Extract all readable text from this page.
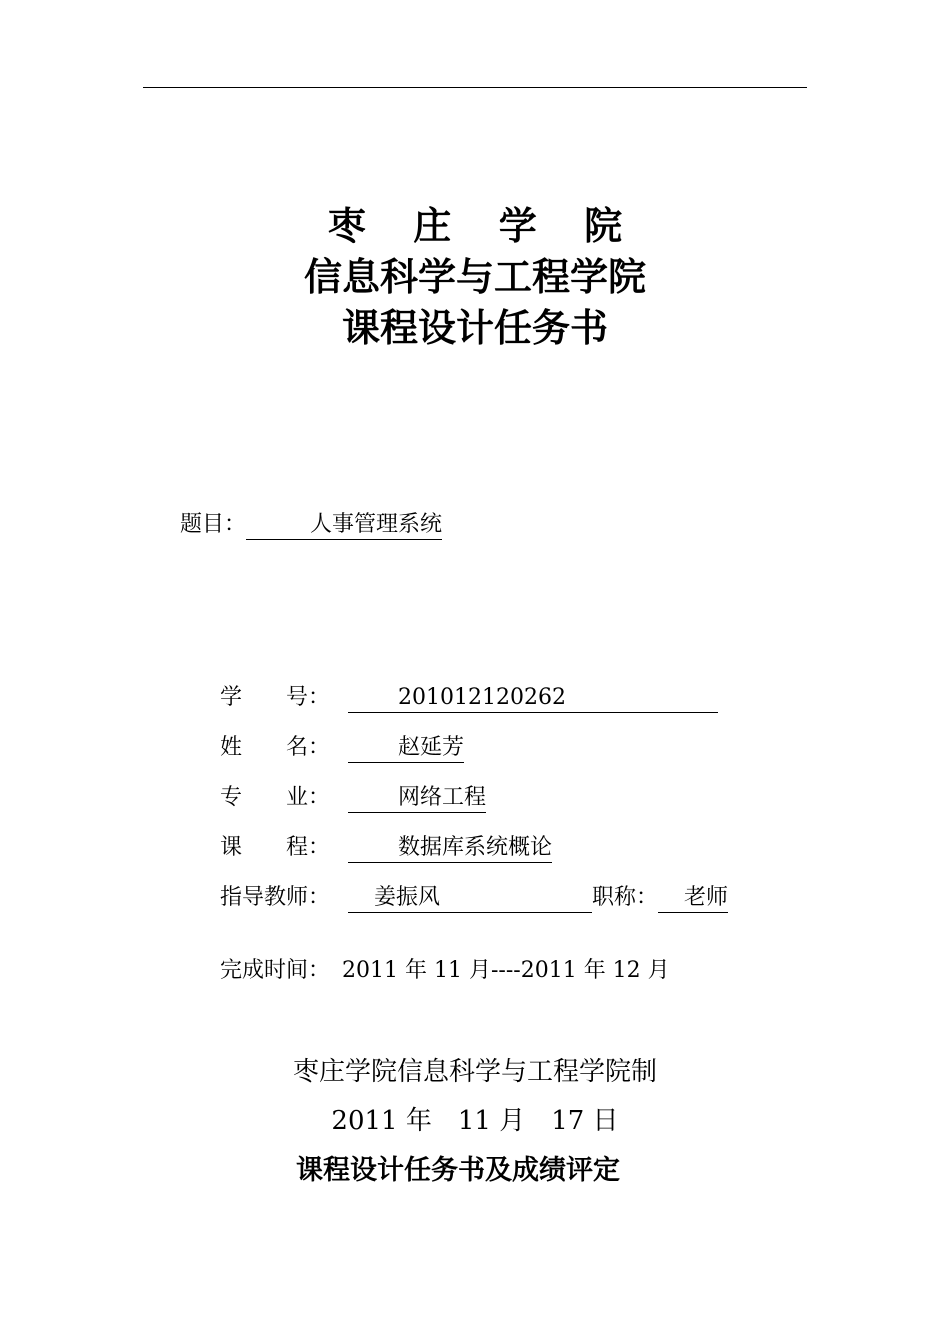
枣 庄 学 院
信息科学与工程学院
课程设计任务书
题目：	人事管理系统
学　　号：	201012120262
姓　　名：	赵延芳
专　　业：	网络工程
课　　程：	数据库系统概论
指导教师： 姜振风	职称： 老师
完成时间： 2011 年 11 月----2011 年 12 月
枣庄学院信息科学与工程学院制
2011 年　11 月　17 日
课程设计任务书及成绩评定
